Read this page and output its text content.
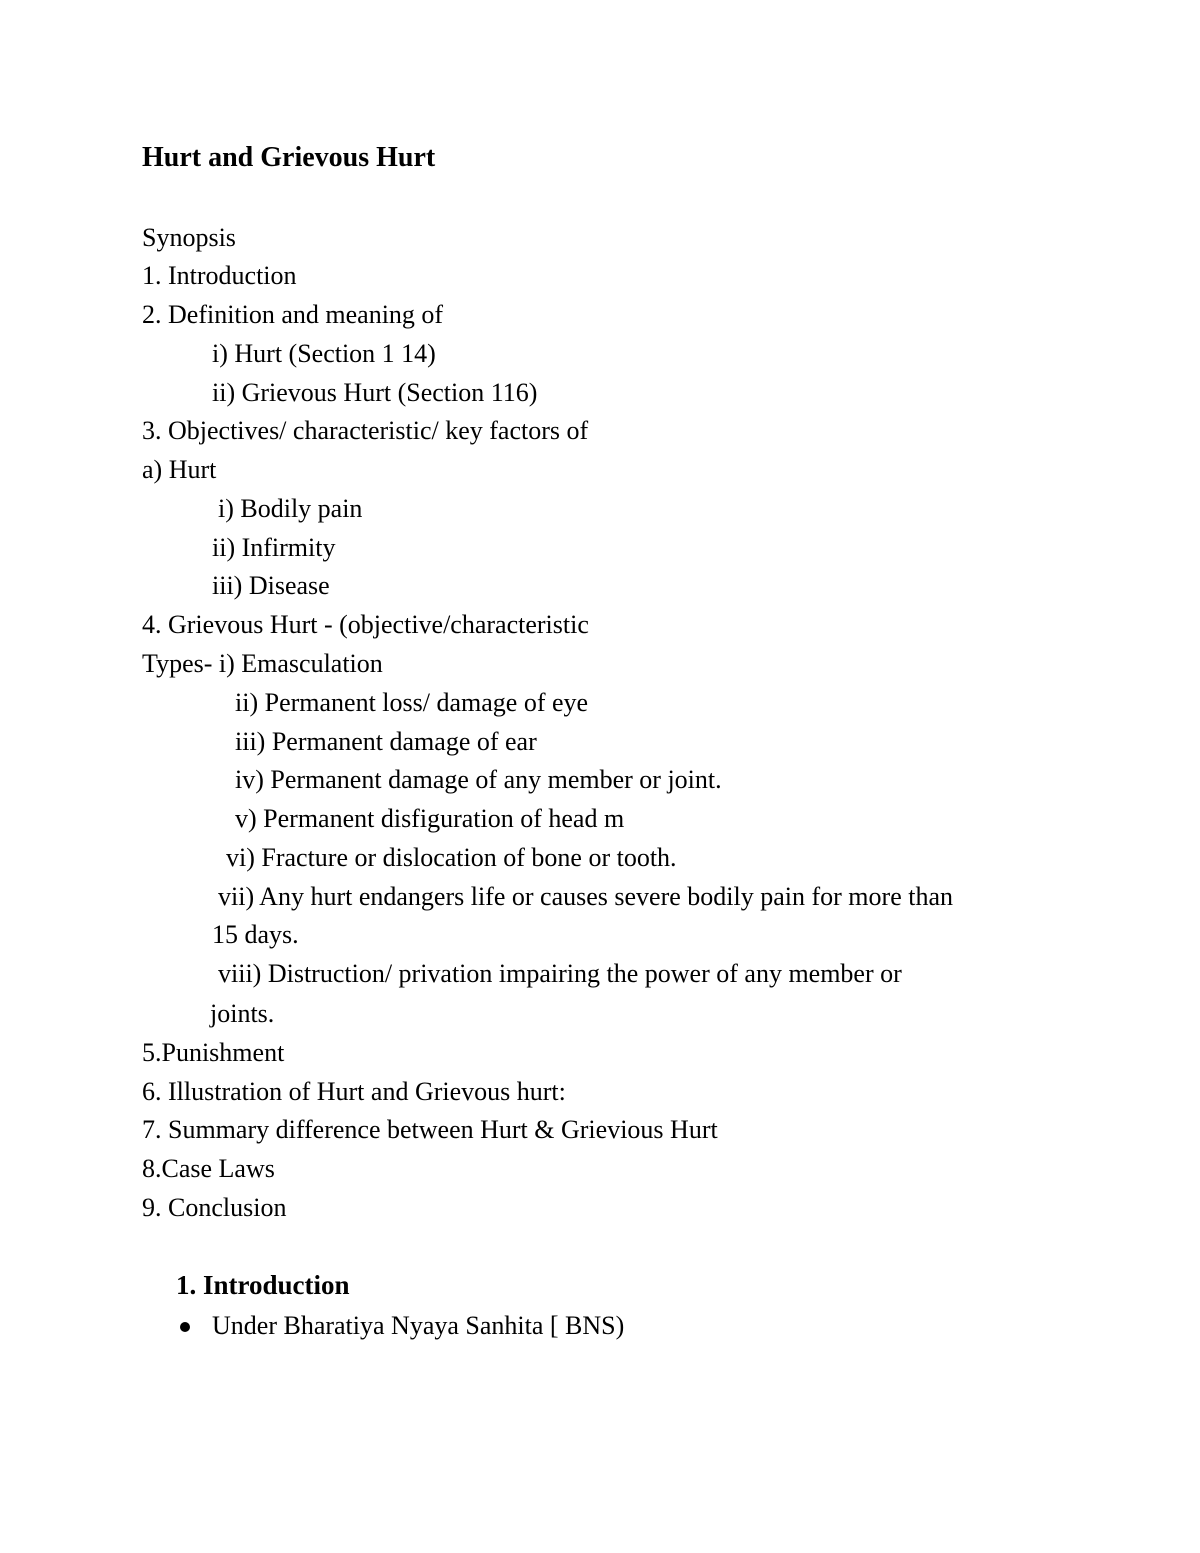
Hurt and Grievous Hurt

Synopsis

1. Introduction

2. Definition and meaning of

i) Hurt (Section 1 14)

ii) Grievous Hurt (Section 116)

3. Objectives/ characteristic/ key factors of

a) Hurt

i) Bodily pain

ii) Infirmity

iii) Disease

4. Grievous Hurt - (objective/characteristic

Types- i) Emasculation

ii) Permanent loss/ damage of eye

iii) Permanent damage of ear

iv) Permanent damage of any member or joint.

v) Permanent disfiguration of head m

vi) Fracture or dislocation of bone or tooth.

vii) Any hurt endangers life or causes severe bodily pain for more than

15 days.

viii) Distruction/ privation impairing the power of any member or

joints.

5.Punishment

6. Illustration of Hurt and Grievous hurt:

7. Summary difference between Hurt & Grievious Hurt

8.Case Laws

9. Conclusion

1. Introduction

Under Bharatiya Nyaya Sanhita [ BNS)
